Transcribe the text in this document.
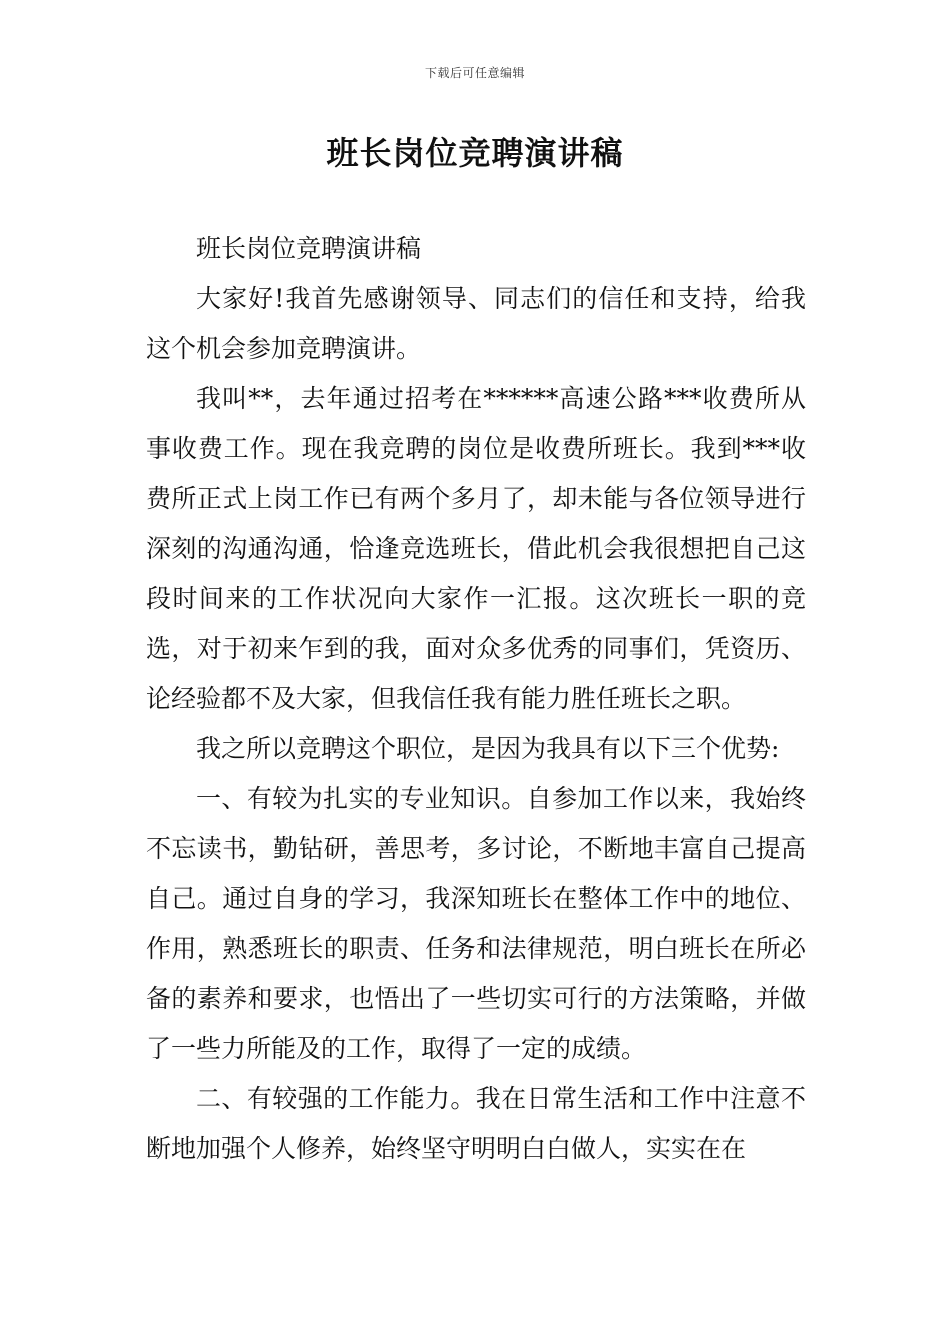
下载后可任意编辑
班长岗位竞聘演讲稿

班长岗位竞聘演讲稿

大家好!我首先感谢领导、同志们的信任和支持，给我这个机会参加竞聘演讲。

我叫**，去年通过招考在******高速公路***收费所从事收费工作。现在我竞聘的岗位是收费所班长。我到***收费所正式上岗工作已有两个多月了，却未能与各位领导进行深刻的沟通沟通，恰逢竞选班长，借此机会我很想把自己这段时间来的工作状况向大家作一汇报。这次班长一职的竞选，对于初来乍到的我，面对众多优秀的同事们，凭资历、论经验都不及大家，但我信任我有能力胜任班长之职。

我之所以竞聘这个职位，是因为我具有以下三个优势:

一、有较为扎实的专业知识。自参加工作以来，我始终不忘读书，勤钻研，善思考，多讨论，不断地丰富自己提高自己。通过自身的学习，我深知班长在整体工作中的地位、作用，熟悉班长的职责、任务和法律规范，明白班长在所必备的素养和要求，也悟出了一些切实可行的方法策略，并做了一些力所能及的工作，取得了一定的成绩。

二、有较强的工作能力。我在日常生活和工作中注意不断地加强个人修养，始终坚守明明白白做人，实实在在
